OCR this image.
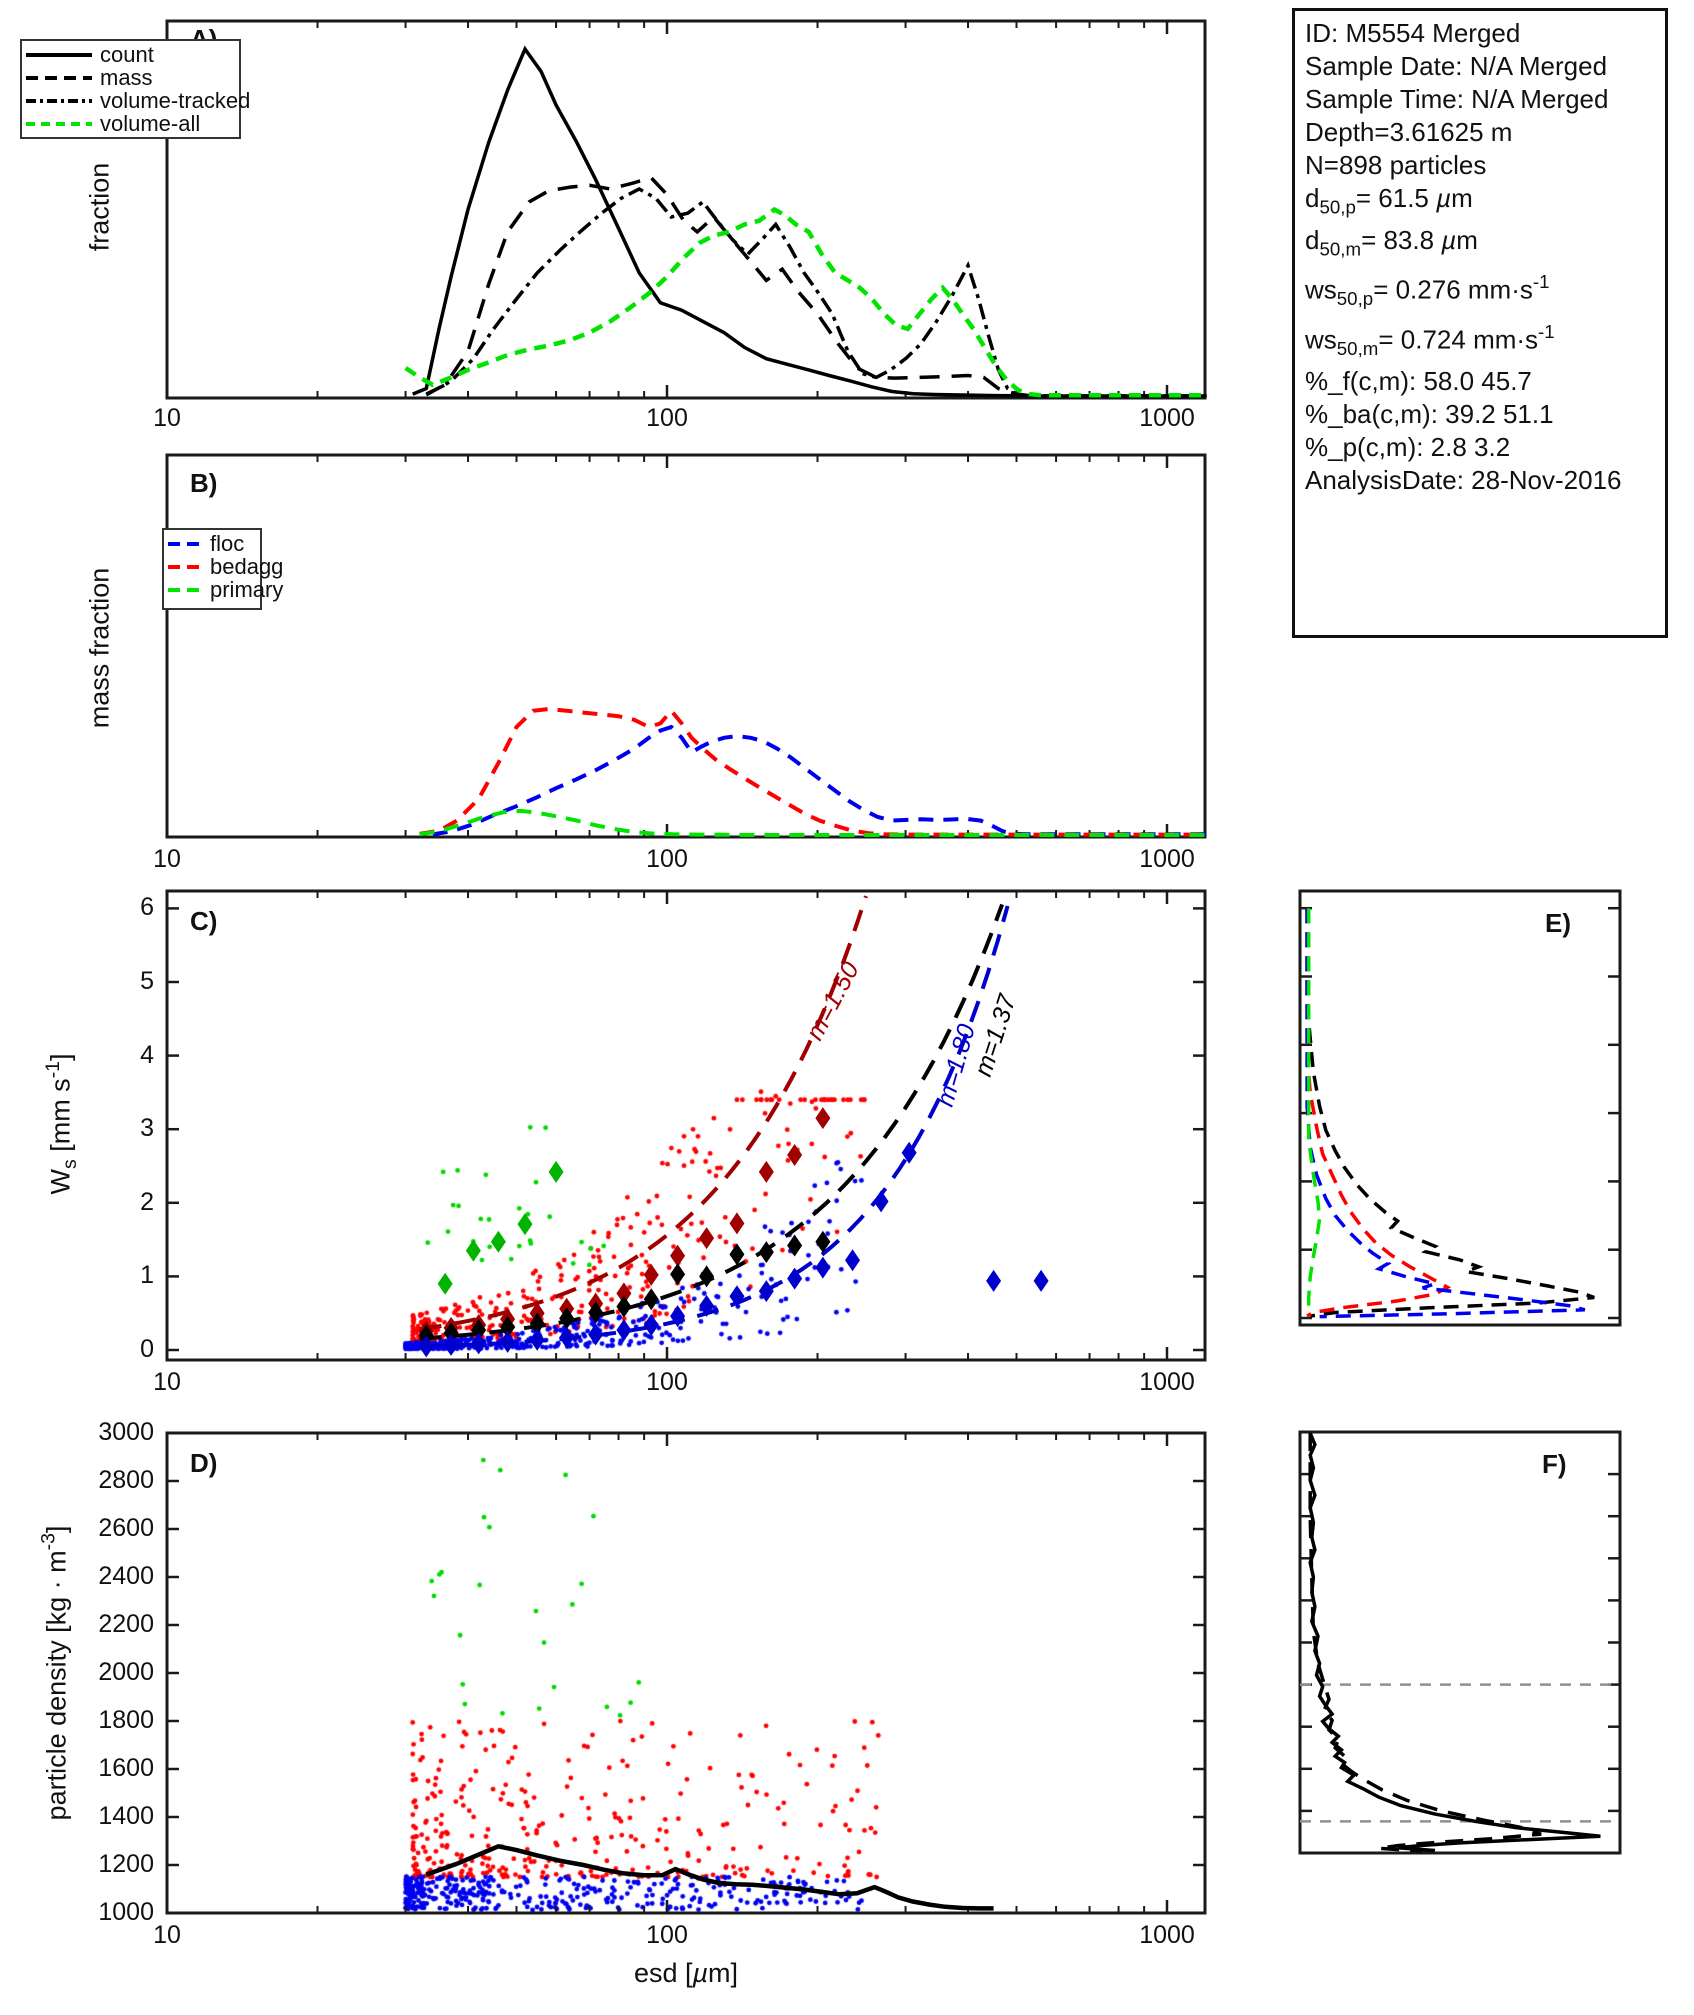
m=1.50	m=1.37
m=1.80
B)
C)
D)
E)
F)
fraction
mass fraction
$W_s$ [mm $s^{-1}$]
particle density $[kg \cdot m^{-3}]$
10	100	1000
10	100	1000
10	100	1000
10	100	1000
0
1
2
3
4
5
6
1000
1200
1400
1600
1800
2000
2200
2400
2600
2800
3000
esd [µm]
count
mass
volume-tracked
volume-all
floc
bedagg
primary
ID: M5554 Merged
Sample Date: N/A Merged
Sample Time: N/A Merged
Depth=3.61625 m
N=898 particles
$d_{50,p}= 61.5$ µm
$d_{50,m}= 83.8$ µm
$ws_{50,p}= 0.276$ $mm\cdot s^{-1}$
$ws_{50,m}= 0.724$ $mm\cdot s^{-1}$
%_f(c,m): 58.0 45.7
%_ba(c,m): 39.2 51.1
%_p(c,m): 2.8 3.2
AnalysisDate: 28-Nov-2016
